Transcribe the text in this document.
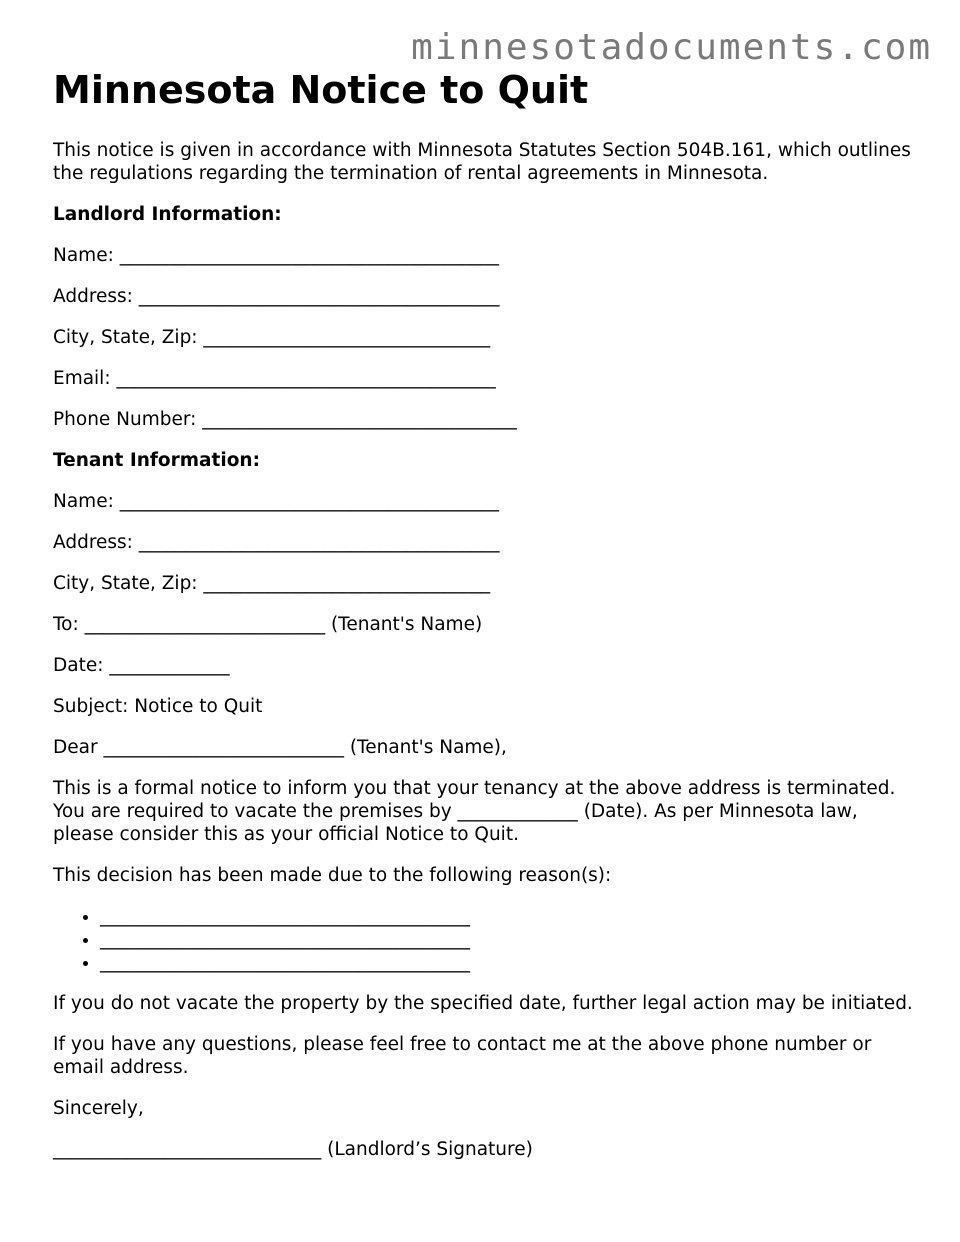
minnesotadocuments.com
Minnesota Notice to Quit

This notice is given in accordance with Minnesota Statutes Section 504B.161, which outlines the regulations regarding the termination of rental agreements in Minnesota.

Landlord Information:

Name: _________________________________________

Address: _______________________________________

City, State, Zip: _______________________________

Email: _________________________________________

Phone Number: __________________________________

Tenant Information:

Name: _________________________________________

Address: _______________________________________

City, State, Zip: _______________________________

To: __________________________ (Tenant's Name)

Date: _____________

Subject: Notice to Quit

Dear __________________________ (Tenant's Name),

This is a formal notice to inform you that your tenancy at the above address is terminated. You are required to vacate the premises by _____________ (Date). As per Minnesota law, please consider this as your official Notice to Quit.

This decision has been made due to the following reason(s):

• ________________________________________
• ________________________________________
• ________________________________________

If you do not vacate the property by the specified date, further legal action may be initiated.

If you have any questions, please feel free to contact me at the above phone number or email address.

Sincerely,

_____________________________ (Landlord’s Signature)
